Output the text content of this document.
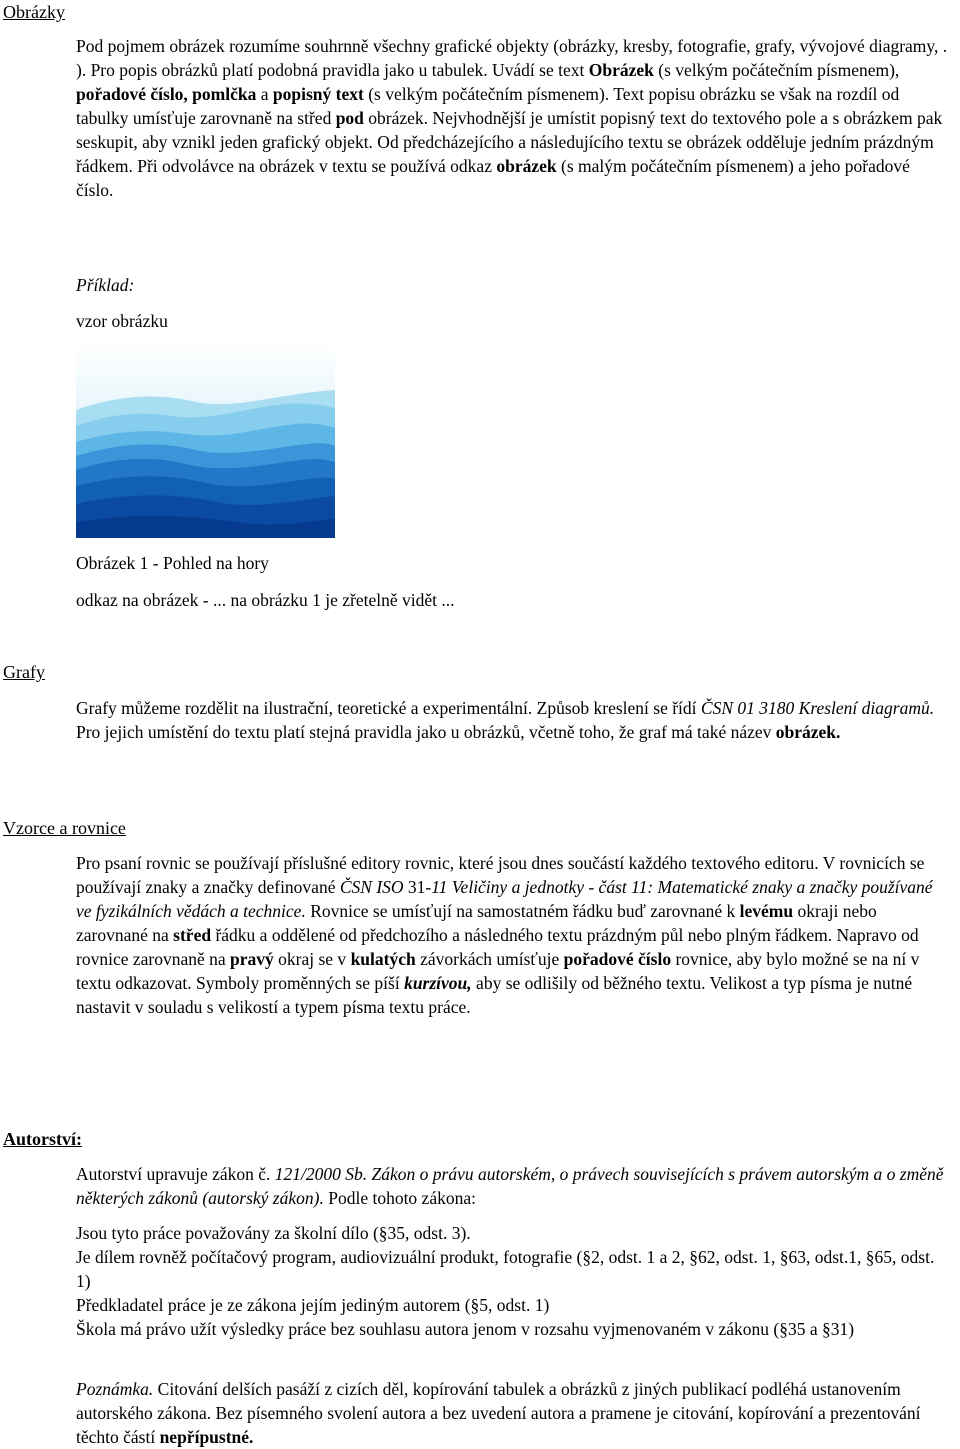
Obrázky

Pod pojmem obrázek rozumíme souhrnně všechny grafické objekty (obrázky, kresby, fotografie, grafy, vývojové diagramy, . ). Pro popis obrázků platí podobná pravidla jako u tabulek. Uvádí se text Obrázek (s velkým počátečním písmenem), pořadové číslo, pomlčka a popisný text (s velkým počátečním písmenem). Text popisu obrázku se však na rozdíl od tabulky umísťuje zarovnaně na střed pod obrázek. Nejvhodnější je umístit popisný text do textového pole a s obrázkem pak seskupit, aby vznikl jeden grafický objekt. Od předcházejícího a následujícího textu se obrázek odděluje jedním prázdným řádkem. Při odvolávce na obrázek v textu se používá odkaz obrázek (s malým počátečním písmenem) a jeho pořadové číslo.

Příklad:
vzor obrázku
Obrázek 1 - Pohled na hory
odkaz na obrázek - ... na obrázku 1 je zřetelně vidět ...
Grafy

Grafy můžeme rozdělit na ilustrační, teoretické a experimentální. Způsob kreslení se řídí ČSN 01 3180 Kreslení diagramů. Pro jejich umístění do textu platí stejná pravidla jako u obrázků, včetně toho, že graf má také název obrázek.

Vzorce a rovnice

Pro psaní rovnic se používají příslušné editory rovnic, které jsou dnes součástí každého textového editoru. V rovnicích se používají znaky a značky definované ČSN ISO 31-11 Veličiny a jednotky - část 11: Matematické znaky a značky používané ve fyzikálních vědách a technice. Rovnice se umísťují na samostatném řádku buď zarovnané k levému okraji nebo zarovnané na střed řádku a oddělené od předchozího a následného textu prázdným půl nebo plným řádkem. Napravo od rovnice zarovnaně na pravý okraj se v kulatých závorkách umísťuje pořadové číslo rovnice, aby bylo možné se na ní v textu odkazovat. Symboly proměnných se píší kurzívou, aby se odlišily od běžného textu. Velikost a typ písma je nutné nastavit v souladu s velikostí a typem písma textu práce.

Autorství:

Autorství upravuje zákon č. 121/2000 Sb. Zákon o právu autorském, o právech souvisejících s právem autorským a o změně některých zákonů (autorský zákon). Podle tohoto zákona:

Jsou tyto práce považovány za školní dílo (§35, odst. 3).

Je dílem rovněž počítačový program, audiovizuální produkt, fotografie (§2, odst. 1 a 2, §62, odst. 1, §63, odst.1, §65, odst. 1)

Předkladatel práce je ze zákona jejím jediným autorem (§5, odst. 1)

Škola má právo užít výsledky práce bez souhlasu autora jenom v rozsahu vyjmenovaném v zákonu (§35 a §31)

Poznámka. Citování delších pasáží z cizích děl, kopírování tabulek a obrázků z jiných publikací podléhá ustanovením autorského zákona. Bez písemného svolení autora a bez uvedení autora a pramene je citování, kopírování a prezentování těchto částí nepřípustné.
